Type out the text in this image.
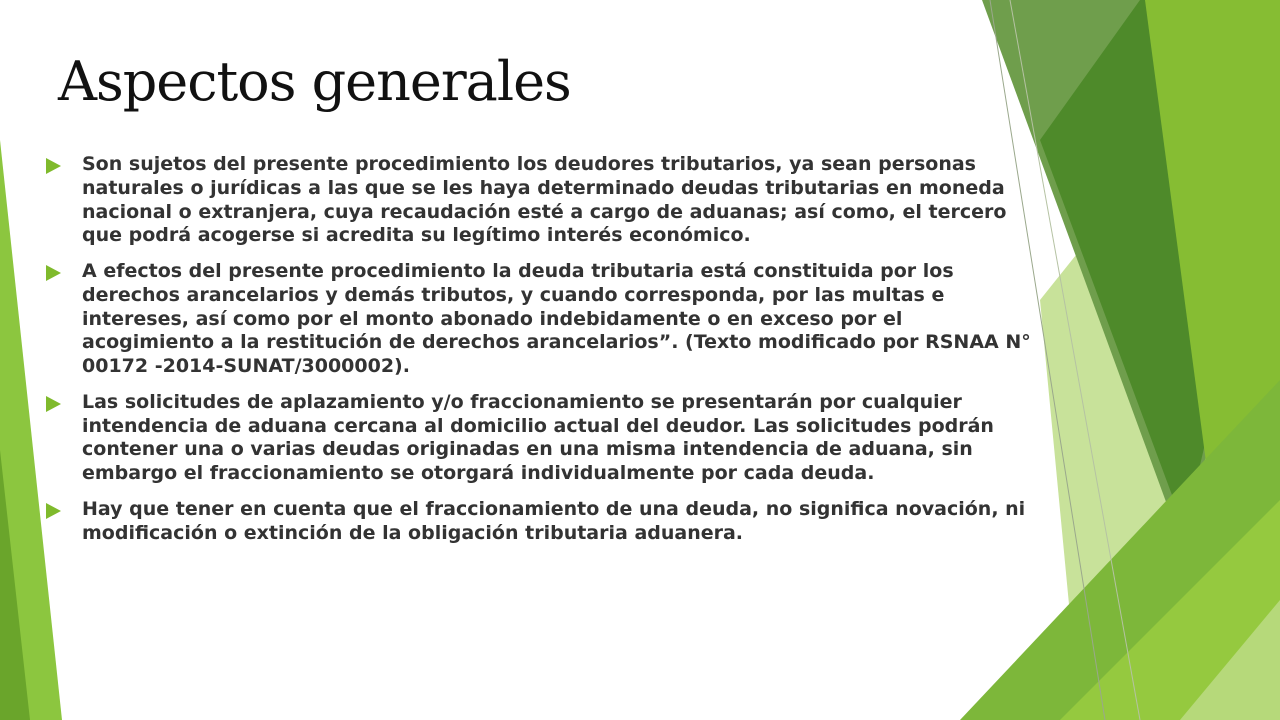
Aspectos generales
Son sujetos del presente procedimiento los deudores tributarios, ya sean personas naturales o jurídicas a las que se les haya determinado deudas tributarias en moneda nacional o extranjera, cuya recaudación esté a cargo de aduanas; así como, el tercero que podrá acogerse si acredita su legítimo interés económico.
A efectos del presente procedimiento la deuda tributaria está constituida por los derechos arancelarios y demás tributos, y cuando corresponda, por las multas e intereses, así como por el monto abonado indebidamente o en exceso por el acogimiento a la restitución de derechos arancelarios”. (Texto modificado por RSNAA N° 00172 -2014-SUNAT/3000002).
Las solicitudes de aplazamiento y/o fraccionamiento se presentarán por cualquier intendencia de aduana cercana al domicilio actual del deudor. Las solicitudes podrán contener una o varias deudas originadas en una misma intendencia de aduana, sin embargo el fraccionamiento se otorgará individualmente por cada deuda.
Hay que tener en cuenta que el fraccionamiento de una deuda, no significa novación, ni modificación o extinción de la obligación tributaria aduanera.
